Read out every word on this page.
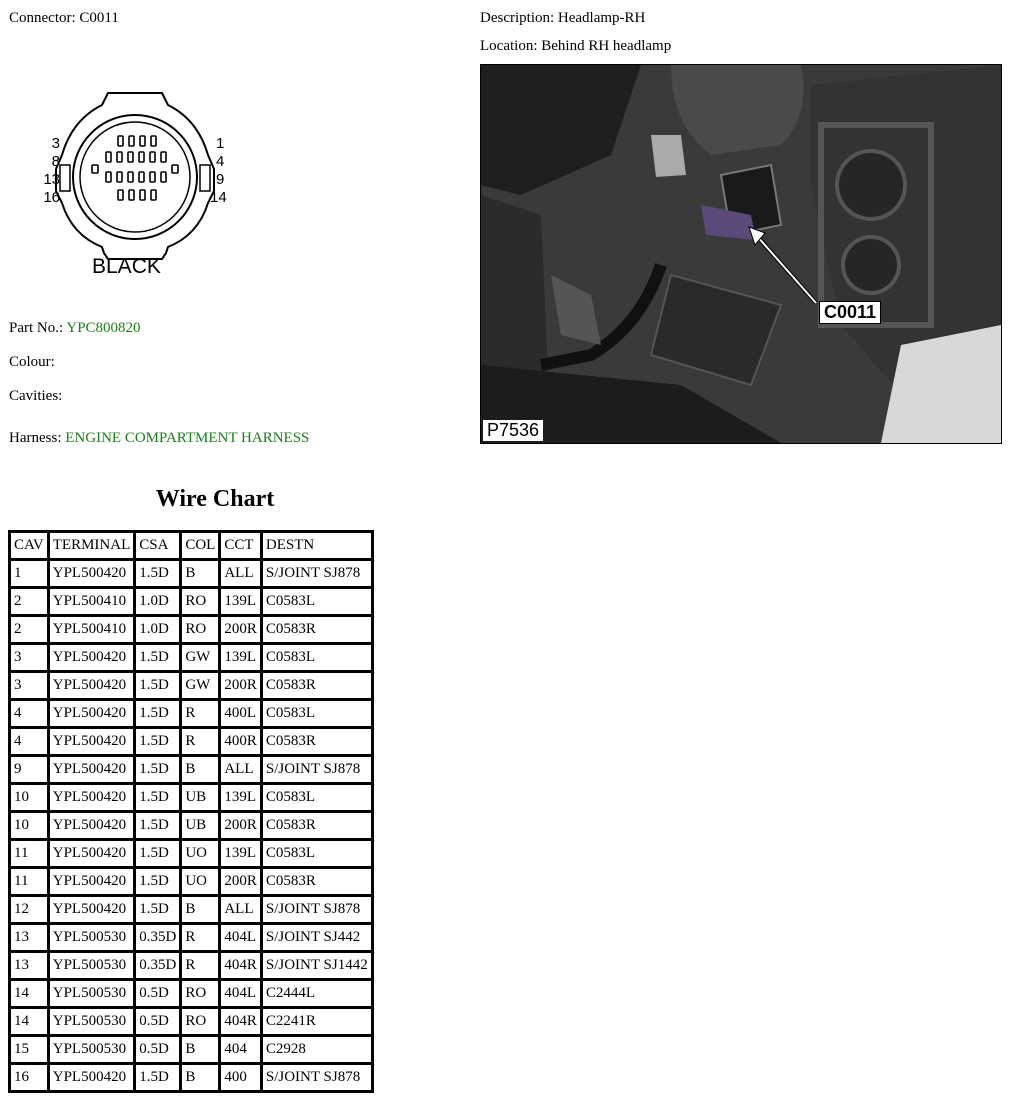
Connector: C0011	Description: Headlamp-RH
Location: Behind RH headlamp
3
8
13
16
1
4
9
14
BLACK
Part No.: YPC800820
Colour:
Cavities:
Harness: ENGINE COMPARTMENT HARNESS
C0011
P7536
Wire Chart
CAV	TERMINAL	CSA	COL	CCT	DESTN
1	YPL500420	1.5D	B	ALL	S/JOINT SJ878
2	YPL500410	1.0D	RO	139L	C0583L
2	YPL500410	1.0D	RO	200R	C0583R
3	YPL500420	1.5D	GW	139L	C0583L
3	YPL500420	1.5D	GW	200R	C0583R
4	YPL500420	1.5D	R	400L	C0583L
4	YPL500420	1.5D	R	400R	C0583R
9	YPL500420	1.5D	B	ALL	S/JOINT SJ878
10	YPL500420	1.5D	UB	139L	C0583L
10	YPL500420	1.5D	UB	200R	C0583R
11	YPL500420	1.5D	UO	139L	C0583L
11	YPL500420	1.5D	UO	200R	C0583R
12	YPL500420	1.5D	B	ALL	S/JOINT SJ878
13	YPL500530	0.35D	R	404L	S/JOINT SJ442
13	YPL500530	0.35D	R	404R	S/JOINT SJ1442
14	YPL500530	0.5D	RO	404L	C2444L
14	YPL500530	0.5D	RO	404R	C2241R
15	YPL500530	0.5D	B	404	C2928
16	YPL500420	1.5D	B	400	S/JOINT SJ878
